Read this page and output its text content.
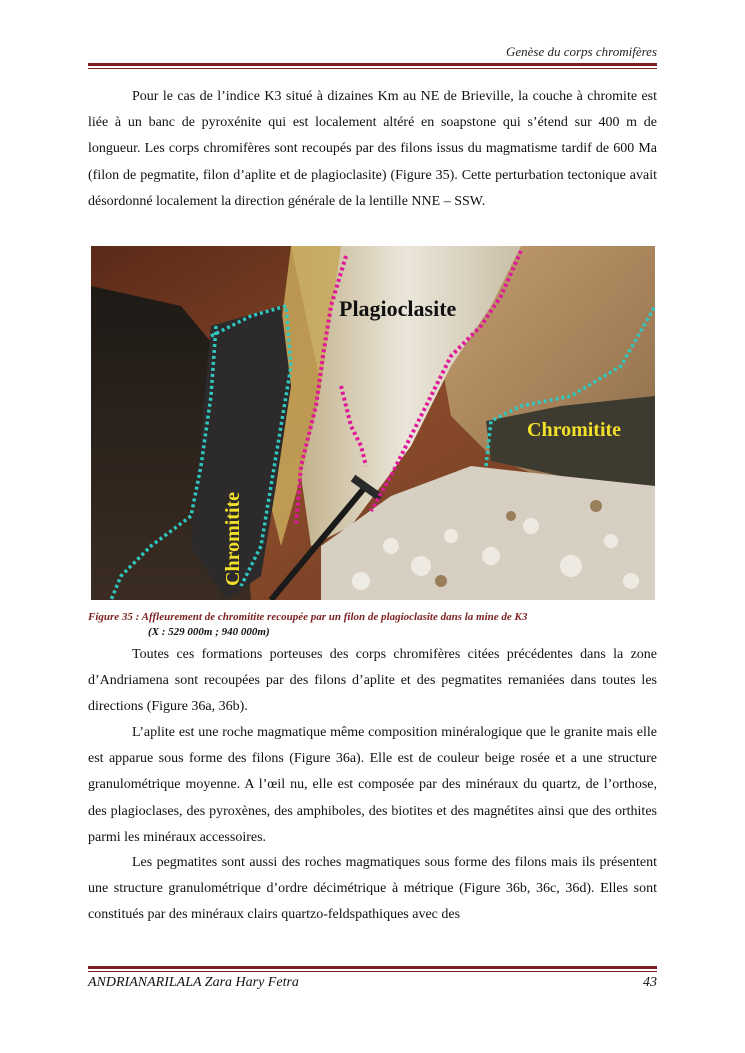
Genèse du corps chromifères

Pour le cas de l’indice K3 situé à dizaines Km au NE de Brieville, la couche à chromite est liée à un banc de pyroxénite qui est localement altéré en soapstone qui s’étend sur 400 m de longueur. Les corps chromifères sont recoupés par des filons issus du magmatisme tardif de 600 Ma (filon de pegmatite, filon d’aplite et de plagioclasite) (Figure 35). Cette perturbation tectonique avait désordonné localement la direction générale de la lentille NNE – SSW.

Plagioclasite
Chromitite
Chromitite
Figure 35 : Affleurement de chromitite recoupée par un filon de plagioclasite dans la mine de K3
(X : 529 000m ; 940 000m)

Toutes ces formations porteuses des corps chromifères citées précédentes dans la zone d’Andriamena sont recoupées par des filons d’aplite et des pegmatites remaniées dans toutes les directions (Figure 36a, 36b).

L’aplite est une roche magmatique même composition minéralogique que le granite mais elle est apparue sous forme des filons (Figure 36a). Elle est de couleur beige rosée et a une structure granulométrique moyenne. A l’œil nu, elle est composée par des minéraux du quartz, de l’orthose, des plagioclases, des pyroxènes, des amphiboles, des biotites et des magnétites ainsi que des orthites parmi les minéraux accessoires.

Les pegmatites sont aussi des roches magmatiques sous forme des filons mais ils présentent une structure granulométrique d’ordre décimétrique à métrique (Figure 36b, 36c, 36d). Elles sont constitués par des minéraux clairs quartzo-feldspathiques avec des

ANDRIANARILALA Zara Hary Fetra	43
